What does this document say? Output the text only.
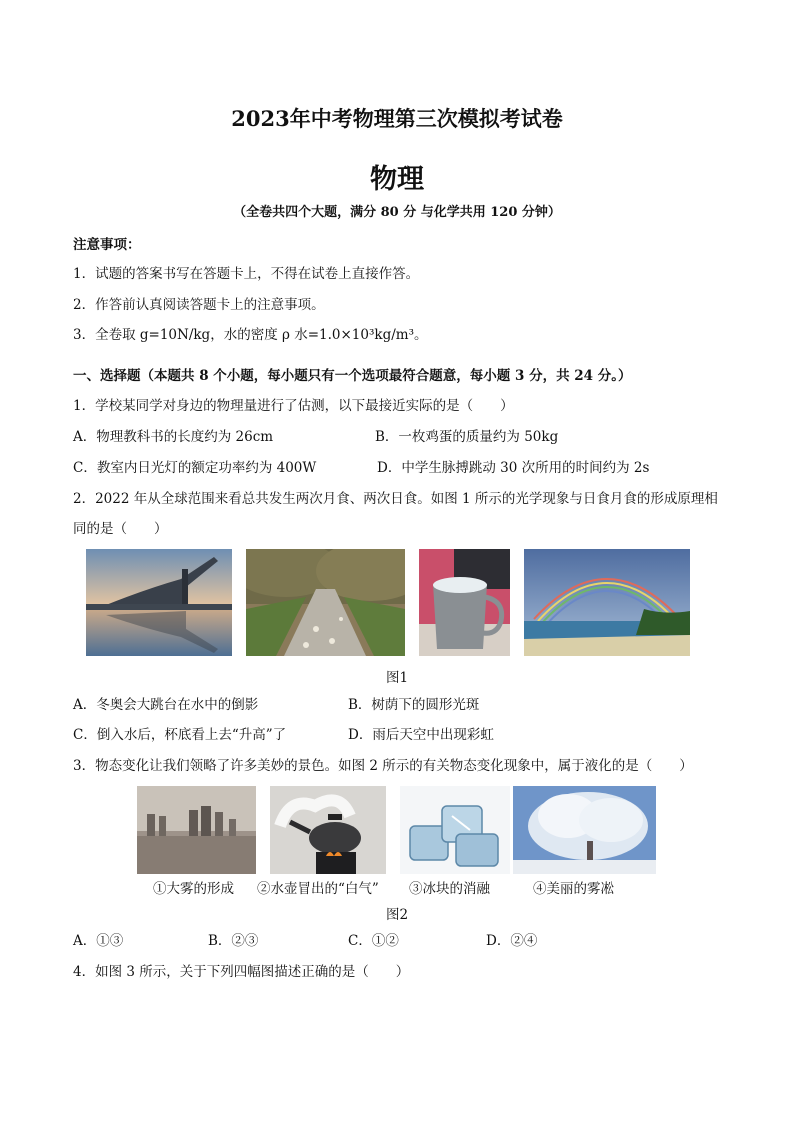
2023年中考物理第三次模拟考试卷
物理
（全卷共四个大题，满分 80 分 与化学共用 120 分钟）
注意事项：
1．试题的答案书写在答题卡上，不得在试卷上直接作答。
2．作答前认真阅读答题卡上的注意事项。
3．全卷取 g=10N/kg，水的密度 ρ 水=1.0×10³kg/m³。
一、选择题（本题共 8 个小题，每小题只有一个选项最符合题意，每小题 3 分，共 24 分。）
1．学校某同学对身边的物理量进行了估测，以下最接近实际的是（　　）
A．物理教科书的长度约为 26cm	B．一枚鸡蛋的质量约为 50kg
C．教室内日光灯的额定功率约为 400W	D．中学生脉搏跳动 30 次所用的时间约为 2s
2．2022 年从全球范围来看总共发生两次月食、两次日食。如图 1 所示的光学现象与日食月食的形成原理相
同的是（　　）
图1
A．冬奥会大跳台在水中的倒影	B．树荫下的圆形光斑
C．倒入水后，杯底看上去“升高”了	D．雨后天空中出现彩虹
3．物态变化让我们领略了许多美妙的景色。如图 2 所示的有关物态变化现象中，属于液化的是（　　）
①大雾的形成 ②水壶冒出的“白气” ③冰块的消融	④美丽的雾凇
图2
A．①③	B．②③	C．①②	D．②④
4．如图 3 所示，关于下列四幅图描述正确的是（　　）
